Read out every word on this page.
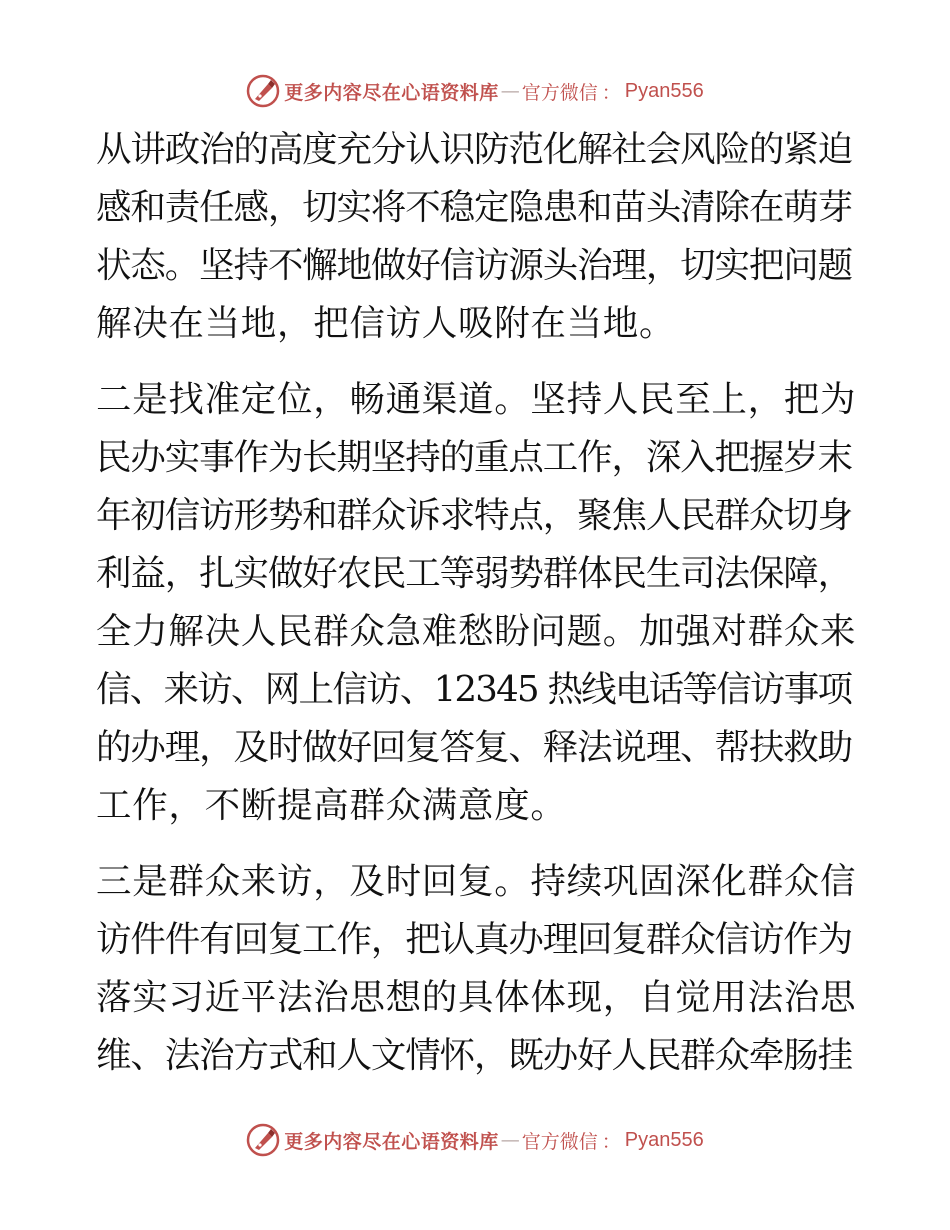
更多内容尽在心语资料库 — 官方微信 ： Pyan556
从讲政治的高度充分认识防范化解社会风险的紧迫
感和责任感，切实将不稳定隐患和苗头清除在萌芽
状态。坚持不懈地做好信访源头治理，切实把问题
解决在当地，把信访人吸附在当地。
二是找准定位，畅通渠道。坚持人民至上，把为
民办实事作为长期坚持的重点工作，深入把握岁末
年初信访形势和群众诉求特点，聚焦人民群众切身
利益，扎实做好农民工等弱势群体民生司法保障，
全力解决人民群众急难愁盼问题。加强对群众来
信、来访、网上信访、12345 热线电话等信访事项
的办理，及时做好回复答复、释法说理、帮扶救助
工作，不断提高群众满意度。
三是群众来访，及时回复。持续巩固深化群众信
访件件有回复工作，把认真办理回复群众信访作为
落实习近平法治思想的具体体现，自觉用法治思
维、法治方式和人文情怀，既办好人民群众牵肠挂
更多内容尽在心语资料库 — 官方微信 ： Pyan556
